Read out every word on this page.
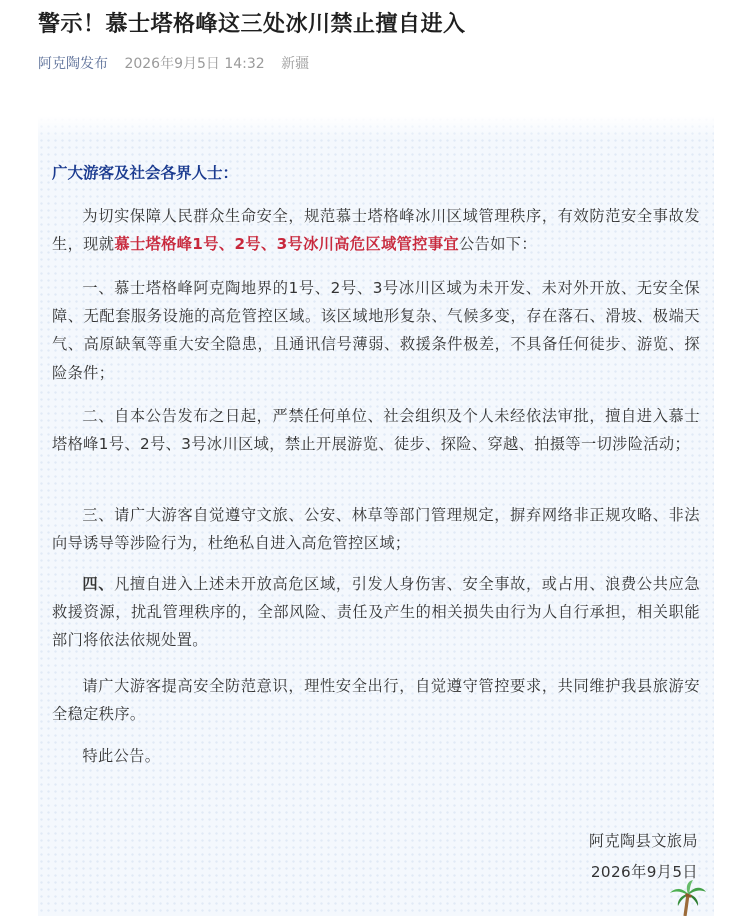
警示！慕士塔格峰这三处冰川禁止擅自进入
阿克陶发布 2026年9月5日 14:32 新疆
广大游客及社会各界人士：

为切实保障人民群众生命安全，规范慕士塔格峰冰川区域管理秩序，有效防范安全事故发生，现就慕士塔格峰1号、2号、3号冰川高危区域管控事宜公告如下：

一、慕士塔格峰阿克陶地界的1号、2号、3号冰川区域为未开发、未对外开放、无安全保障、无配套服务设施的高危管控区域。该区域地形复杂、气候多变，存在落石、滑坡、极端天气、高原缺氧等重大安全隐患，且通讯信号薄弱、救援条件极差，不具备任何徒步、游览、探险条件；

二、自本公告发布之日起，严禁任何单位、社会组织及个人未经依法审批，擅自进入慕士塔格峰1号、2号、3号冰川区域，禁止开展游览、徒步、探险、穿越、拍摄等一切涉险活动；

三、请广大游客自觉遵守文旅、公安、林草等部门管理规定，摒弃网络非正规攻略、非法向导诱导等涉险行为，杜绝私自进入高危管控区域；

四、凡擅自进入上述未开放高危区域，引发人身伤害、安全事故，或占用、浪费公共应急救援资源，扰乱管理秩序的，全部风险、责任及产生的相关损失由行为人自行承担，相关职能部门将依法依规处置。

请广大游客提高安全防范意识，理性安全出行，自觉遵守管控要求，共同维护我县旅游安全稳定秩序。

特此公告。

阿克陶县文旅局
2026年9月5日
